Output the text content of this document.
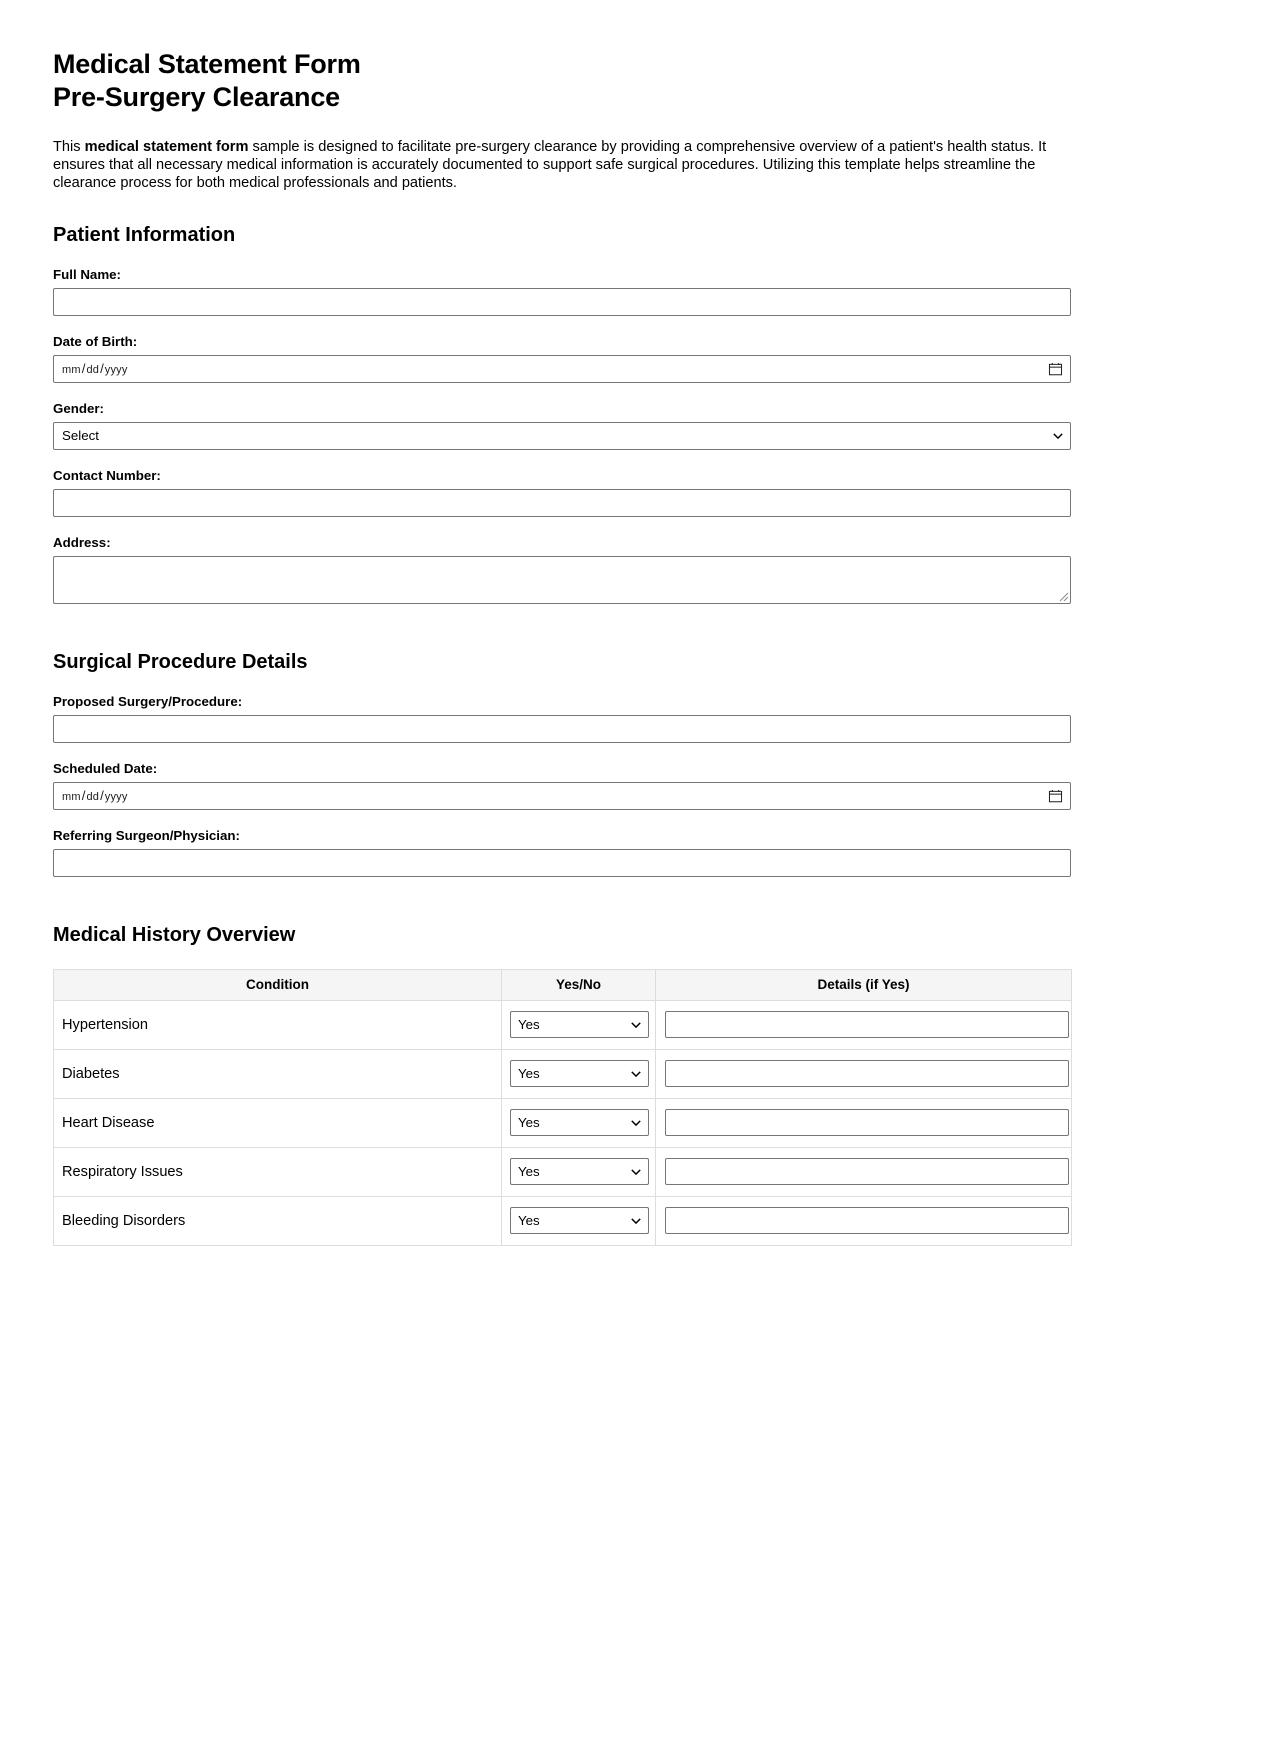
Medical Statement Form
Pre-Surgery Clearance

This medical statement form sample is designed to facilitate pre-surgery clearance by providing a comprehensive overview of a patient's health status. It ensures that all necessary medical information is accurately documented to support safe surgical procedures. Utilizing this template helps streamline the clearance process for both medical professionals and patients.

Patient Information
Full Name:
Date of Birth:
mm/dd/yyyy
Gender:
Select
Contact Number:
Address:
Surgical Procedure Details
Proposed Surgery/Procedure:
Scheduled Date:
mm/dd/yyyy
Referring Surgeon/Physician:
Medical History Overview
Condition	Yes/No	Details (if Yes)
Hypertension	Yes

Diabetes	Yes

Heart Disease	Yes

Respiratory Issues	Yes

Bleeding Disorders	Yes
